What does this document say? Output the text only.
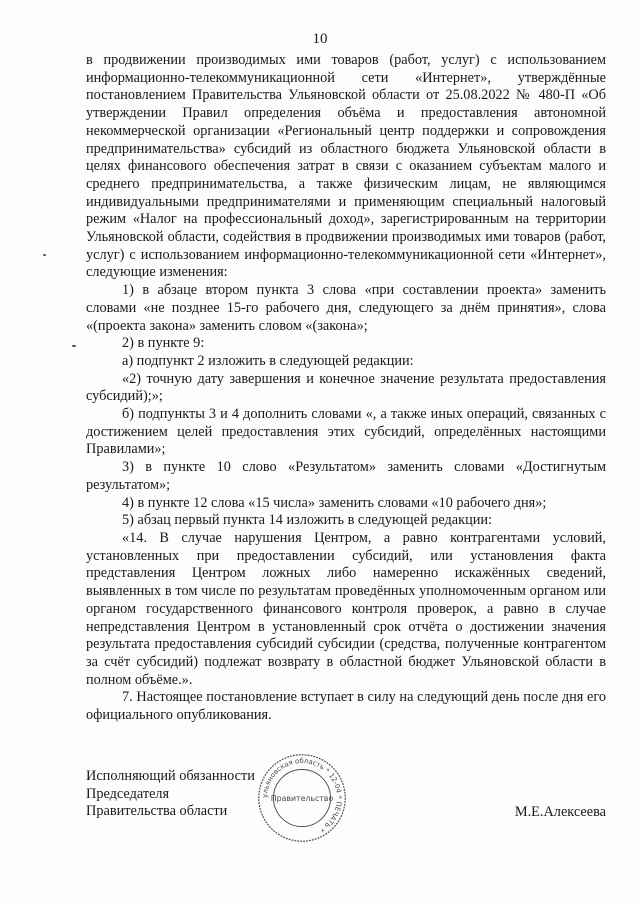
10

в продвижении производимых ими товаров (работ, услуг) с использованием информационно-телекоммуникационной сети «Интернет», утверждённые постановлением Правительства Ульяновской области от 25.08.2022 № 480-П «Об утверждении Правил определения объёма и предоставления автономной некоммерческой организации «Региональный центр поддержки и сопровождения предпринимательства» субсидий из областного бюджета Ульяновской области в целях финансового обеспечения затрат в связи с оказанием субъектам малого и среднего предпринимательства, а также физическим лицам, не являющимся индивидуальными предпринимателями и применяющим специальный налоговый режим «Налог на профессиональный доход», зарегистрированным на территории Ульяновской области, содействия в продвижении производимых ими товаров (работ, услуг) с использованием информационно-телекоммуникационной сети «Интернет», следующие изменения:

1) в абзаце втором пункта 3 слова «при составлении проекта» заменить словами «не позднее 15-го рабочего дня, следующего за днём принятия», слова «(проекта закона» заменить словом «(закона»;

2) в пункте 9:

а) подпункт 2 изложить в следующей редакции:

«2) точную дату завершения и конечное значение результата предоставления субсидий);»;

б) подпункты 3 и 4 дополнить словами «, а также иных операций, связанных с достижением целей предоставления этих субсидий, определённых настоящими Правилами»;

3) в пункте 10 слово «Результатом» заменить словами «Достигнутым результатом»;

4) в пункте 12 слова «15 числа» заменить словами «10 рабочего дня»;

5) абзац первый пункта 14 изложить в следующей редакции:

«14. В случае нарушения Центром, а равно контрагентами условий, установленных при предоставлении субсидий, или установления факта представления Центром ложных либо намеренно искажённых сведений, выявленных в том числе по результатам проведённых уполномоченным органом или органом государственного финансового контроля проверок, а равно в случае непредставления Центром в установленный срок отчёта о достижении значения результата предоставления субсидий субсидии (средства, полученные контрагентом за счёт субсидий) подлежат возврату в областной бюджет Ульяновской области в полном объёме.».

7. Настоящее постановление вступает в силу на следующий день после дня его официального опубликования.

Исполняющий обязанности
Председателя
Правительства области	М.Е.Алексеева
ульяновская область * 12-04 * ПЕЧАТЬ *
Правительство
